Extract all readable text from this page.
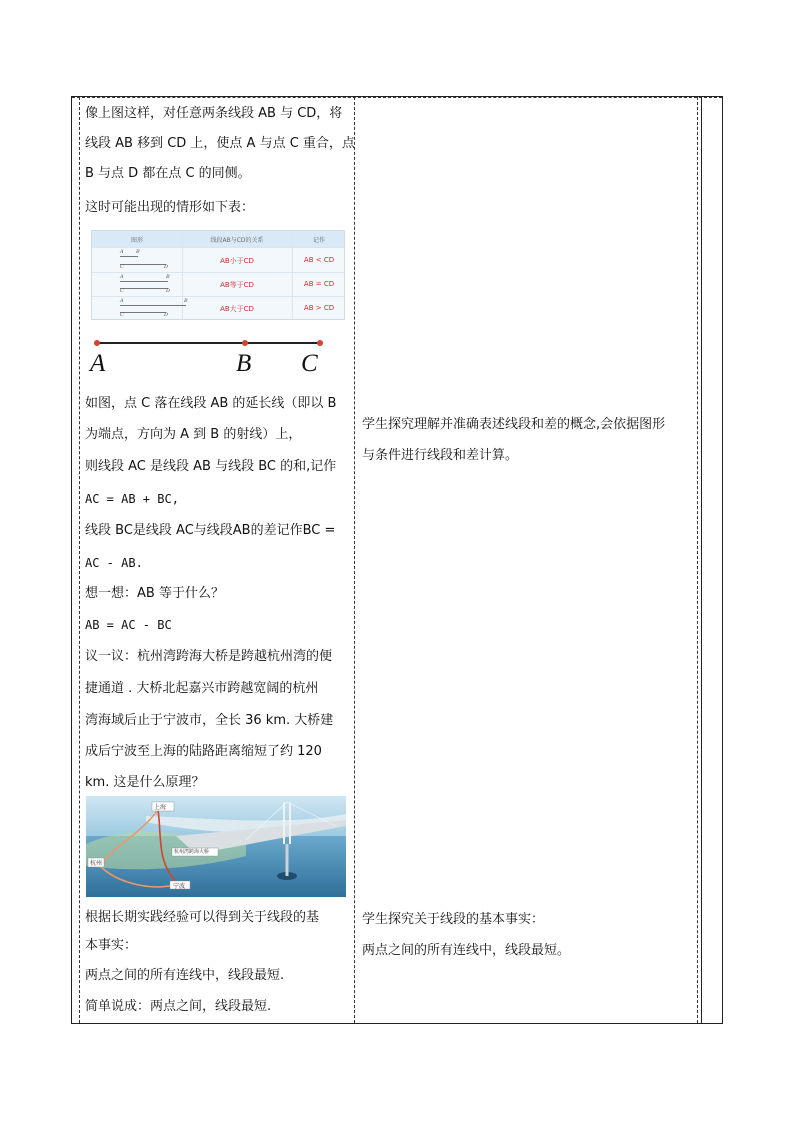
像上图这样，对任意两条线段 AB 与 CD，将
线段 AB 移到 CD 上，使点 A 与点 C 重合，点
B 与点 D 都在点 C 的同侧。
这时可能出现的情形如下表：
图形	线段AB与CD的关系	记作
A B
C	D
AB小于CD	AB < CD
A	B
C	D
AB等于CD	AB = CD
A	B
C	D
AB大于CD	AB > CD
A	B C
如图，点 C 落在线段 AB 的延长线（即以 B
为端点，方向为 A 到 B 的射线）上，
则线段 AC 是线段 AB 与线段 BC 的和,记作
AC = AB + BC,
线段 BC是线段 AC与线段AB的差记作BC =
AC - AB.
想一想：AB 等于什么？
AB = AC - BC
议一议：杭州湾跨海大桥是跨越杭州湾的便
捷通道 . 大桥北起嘉兴市跨越宽阔的杭州
湾海域后止于宁波市，全长 36 km. 大桥建
成后宁波至上海的陆路距离缩短了约 120
km. 这是什么原理？
上海
杭州湾跨海大桥
杭州
宁波
根据长期实践经验可以得到关于线段的基
本事实：
两点之间的所有连线中，线段最短.
简单说成：两点之间，线段最短.
学生探究理解并准确表述线段和差的概念,会依据图形
与条件进行线段和差计算。
学生探究关于线段的基本事实：
两点之间的所有连线中，线段最短。
